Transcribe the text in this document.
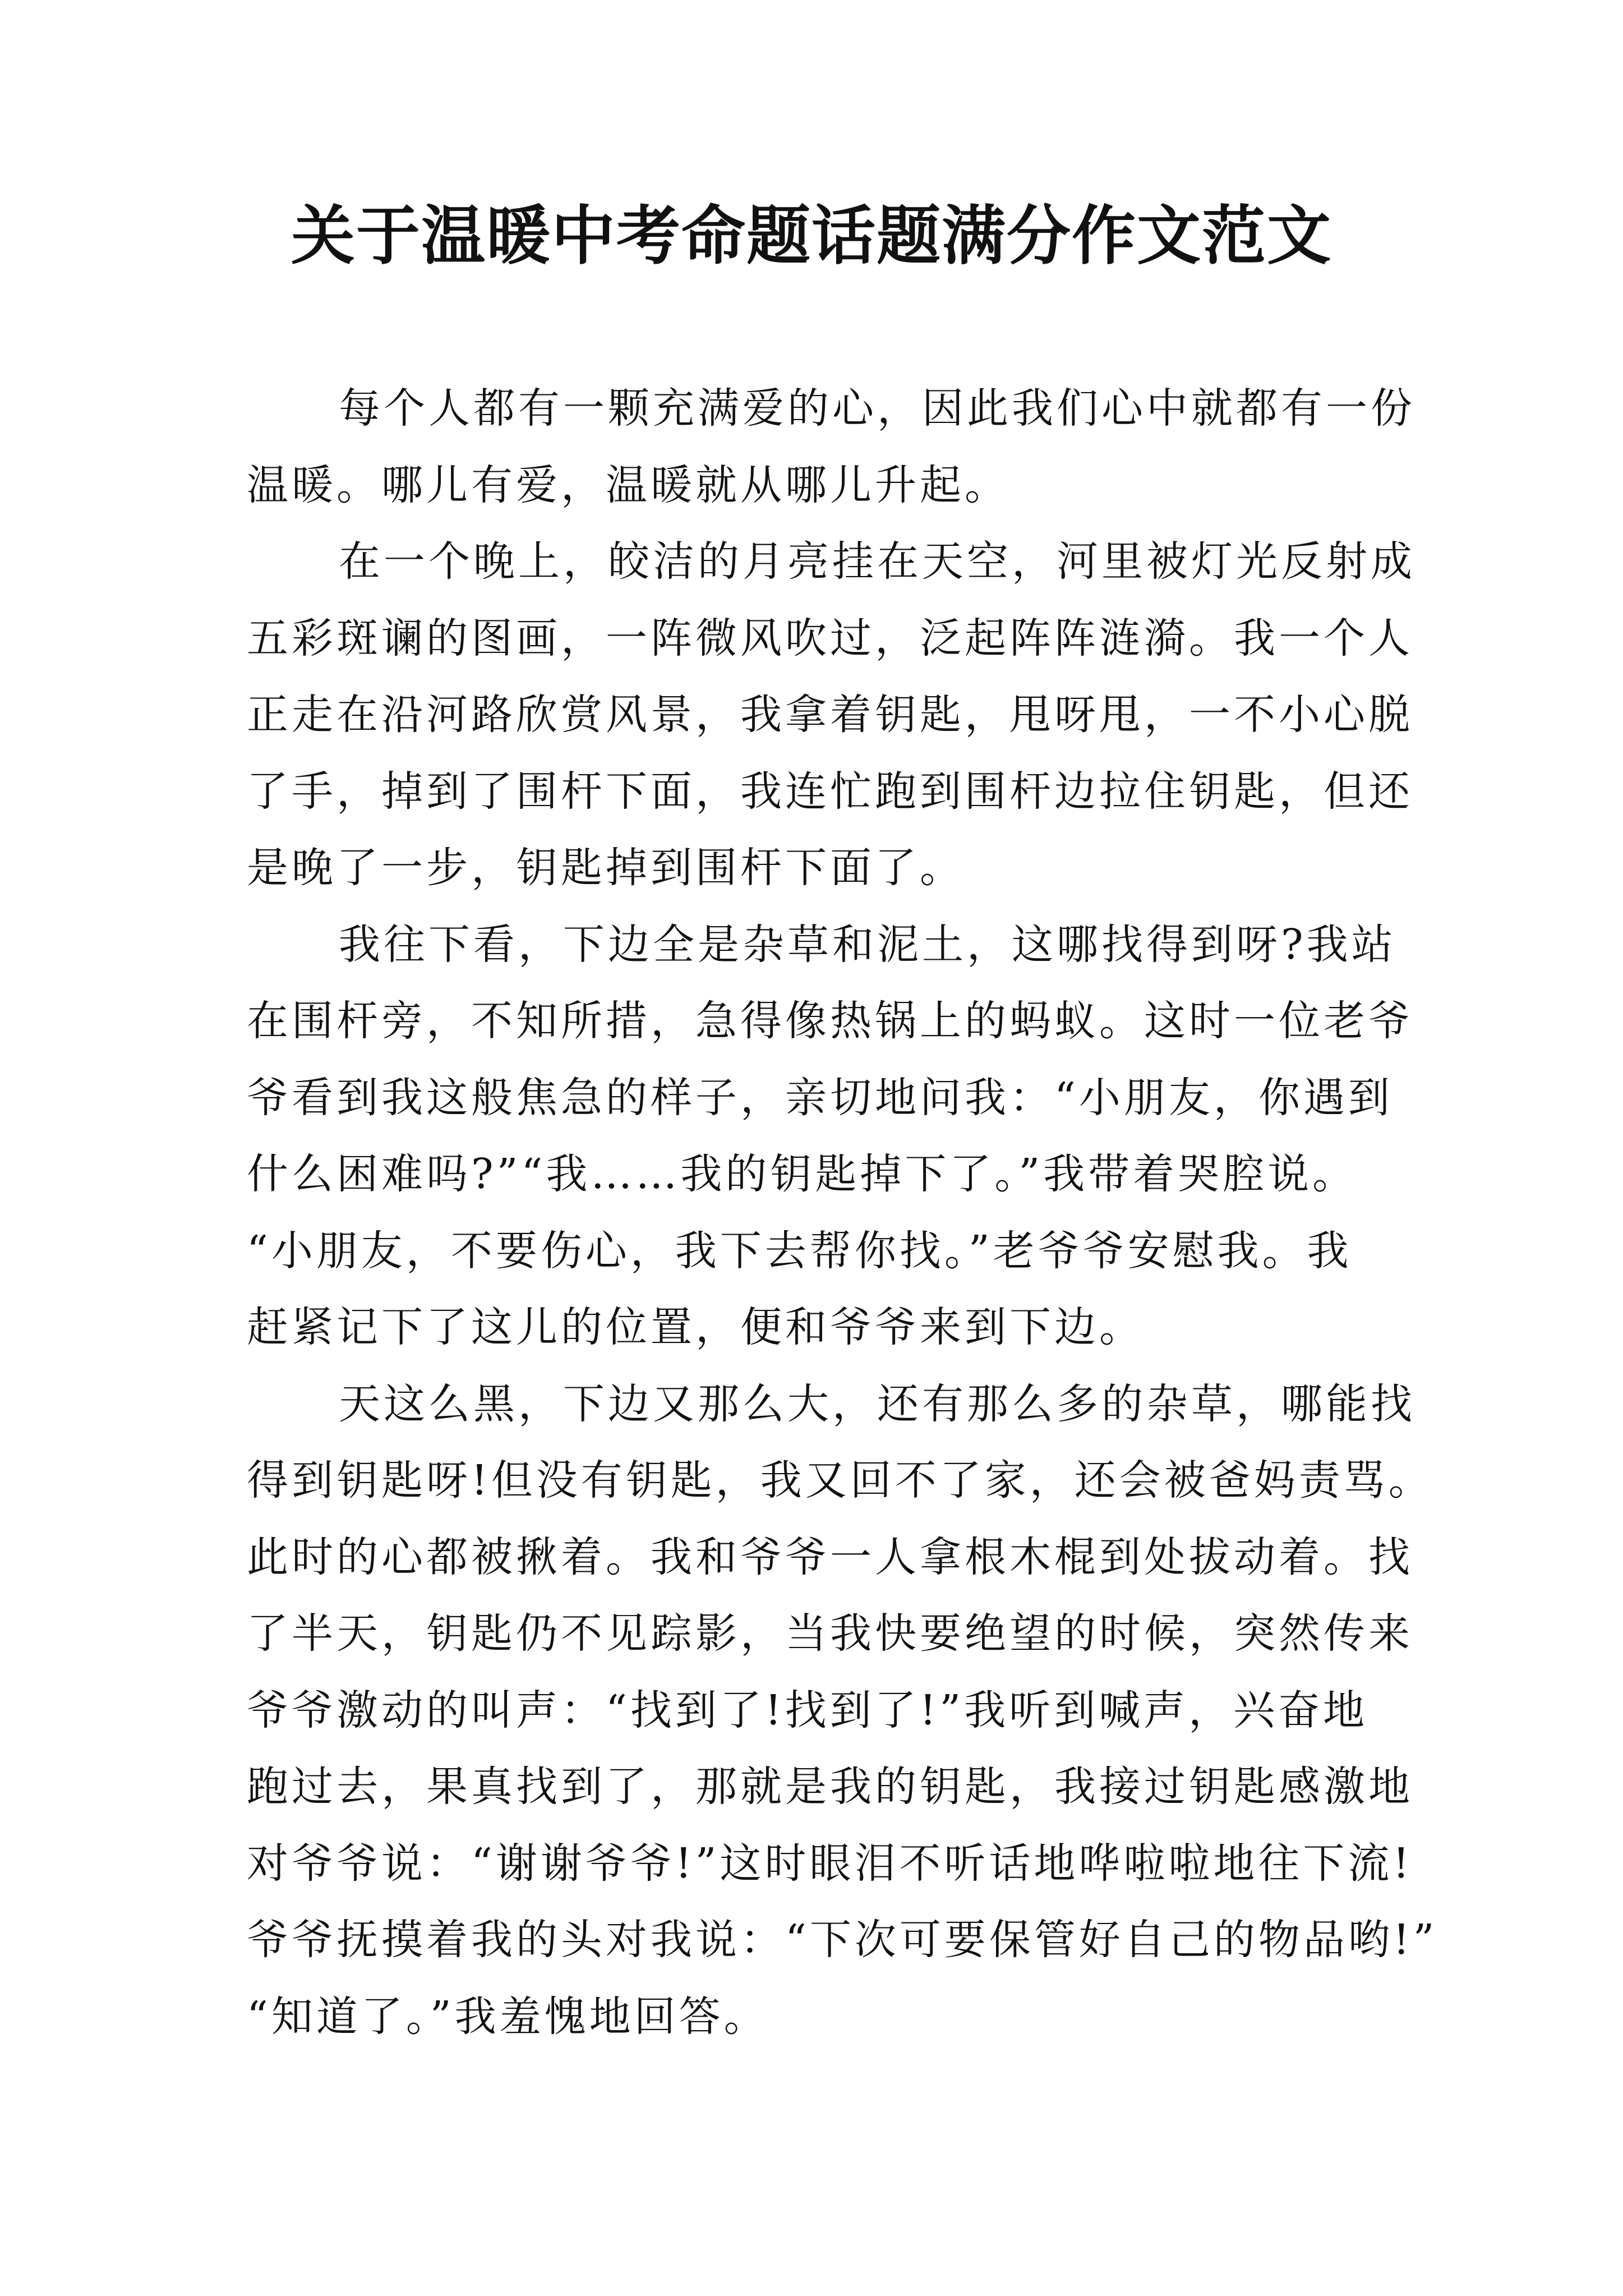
关于温暖中考命题话题满分作文范文

每个人都有一颗充满爱的心，因此我们心中就都有一份
温暖。哪儿有爱，温暖就从哪儿升起。

在一个晚上，皎洁的月亮挂在天空，河里被灯光反射成
五彩斑谰的图画，一阵微风吹过，泛起阵阵涟漪。我一个人
正走在沿河路欣赏风景，我拿着钥匙，甩呀甩，一不小心脱
了手，掉到了围杆下面，我连忙跑到围杆边拉住钥匙，但还
是晚了一步，钥匙掉到围杆下面了。

我往下看，下边全是杂草和泥土，这哪找得到呀?我站
在围杆旁，不知所措，急得像热锅上的蚂蚁。这时一位老爷
爷看到我这般焦急的样子，亲切地问我：“小朋友，你遇到
什么困难吗?”“我……我的钥匙掉下了。”我带着哭腔说。
“小朋友，不要伤心，我下去帮你找。”老爷爷安慰我。我
赶紧记下了这儿的位置，便和爷爷来到下边。

天这么黑，下边又那么大，还有那么多的杂草，哪能找
得到钥匙呀!但没有钥匙，我又回不了家，还会被爸妈责骂。
此时的心都被揪着。我和爷爷一人拿根木棍到处拔动着。找
了半天，钥匙仍不见踪影，当我快要绝望的时候，突然传来
爷爷激动的叫声：“找到了!找到了!”我听到喊声，兴奋地
跑过去，果真找到了，那就是我的钥匙，我接过钥匙感激地
对爷爷说：“谢谢爷爷!”这时眼泪不听话地哗啦啦地往下流!
爷爷抚摸着我的头对我说：“下次可要保管好自己的物品哟!”
“知道了。”我羞愧地回答。
